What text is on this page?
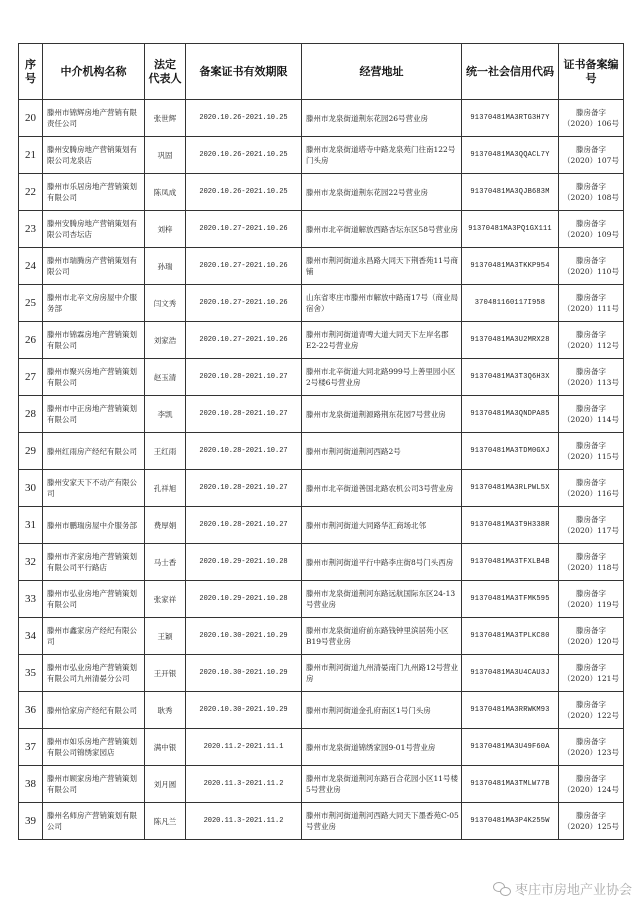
序
号	中介机构名称	法定
代表人	备案证书有效期限	经营地址	统一社会信用代码	证书备案编号
20	滕州市锦辉房地产营销有限责任公司	张世辉	2020.10.26-2021.10.25	滕州市龙泉街道荆东花园26号营业房	91370481MA3RTG3H7Y	滕房备字（2020）106号
21	滕州安腾房地产营销策划有限公司龙泉店	巩固	2020.10.26-2021.10.25	滕州市龙泉街道塔寺中路龙泉苑门往南122号门头房	91370481MA3QQACL7Y	滕房备字（2020）107号
22	滕州市乐居房地产营销策划有限公司	陈凤成	2020.10.26-2021.10.25	滕州市龙泉街道荆东花园22号营业房	91370481MA3QJB683M	滕房备字（2020）108号
23	滕州安腾房地产营销策划有限公司杏坛店	刘梓	2020.10.27-2021.10.26	滕州市北辛街道解放西路杏坛东区58号营业房	91370481MA3PQ1GX111	滕房备字（2020）109号
24	滕州市瑞腾房产营销策划有限公司	孙瑞	2020.10.27-2021.10.26	滕州市荆河街道永昌路大同天下荆香苑11号商铺	91370481MA3TKKP954	滕房备字（2020）110号
25	滕州市北辛文房房屋中介服务部	闫文秀	2020.10.27-2021.10.26	山东省枣庄市滕州市解放中路南17号（商业局宿舍）	370481160117I958	滕房备字（2020）111号
26	滕州市锦霖房地产营销策划有限公司	刘家浩	2020.10.27-2021.10.26	滕州市荆河街道青啤大道大同天下左岸名郡E2-22号营业房	91370481MA3U2MRX28	滕房备字（2020）112号
27	滕州市聚兴房地产营销策划有限公司	赵玉清	2020.10.28-2021.10.27	滕州市北辛街道大同北路999号上善里园小区2号楼6号营业房	91370481MA3T3Q6H3X	滕房备字（2020）113号
28	滕州市中正房地产营销策划有限公司	李凯	2020.10.28-2021.10.27	滕州市龙泉街道荆源路荆东花园7号营业房	91370481MA3QNDPA85	滕房备字（2020）114号
29	滕州红雨房产经纪有限公司	王红雨	2020.10.28-2021.10.27	滕州市荆河街道荆河西路2号	91370481MA3TDM0GXJ	滕房备字（2020）115号
30	滕州安家天下不动产有限公司	孔祥旭	2020.10.28-2021.10.27	滕州市北辛街道善国北路农机公司3号营业房	91370481MA3RLPWL5X	滕房备字（2020）116号
31	滕州市鹏瑞房屋中介服务部	费厚娟	2020.10.28-2021.10.27	滕州市荆河街道大同路华汇商场北邻	91370481MA3T9H338R	滕房备字（2020）117号
32	滕州市齐家房地产营销策划有限公司平行路店	马士香	2020.10.29-2021.10.28	滕州市荆河街道平行中路李庄街8号门头西房	91370481MA3TFXLB4B	滕房备字（2020）118号
33	滕州市弘业房地产营销策划有限公司	张家祥	2020.10.29-2021.10.28	滕州市龙泉街道荆河东路远航国际东区24-13号营业房	91370481MA3TFMK595	滕房备字（2020）119号
34	滕州市鑫家房产经纪有限公司	王颖	2020.10.30-2021.10.29	滕州市龙泉街道府前东路钱钟里滨居苑小区B19号营业房	91370481MA3TPLKC80	滕房备字（2020）120号
35	滕州市弘业房地产营销策划有限公司九州清晏分公司	王开银	2020.10.30-2021.10.29	滕州市荆河街道九州清晏南门九州路12号营业房	91370481MA3U4CAU3J	滕房备字（2020）121号
36	滕州恰家房产经纪有限公司	耿秀	2020.10.30-2021.10.29	滕州市荆河街道金孔府南区1号门头房	91370481MA3RRWKM93	滕房备字（2020）122号
37	滕州市如乐房地产营销策划有限公司锦绣家园店	满中银	2020.11.2-2021.11.1	滕州市龙泉街道锦绣家园9-01号营业房	91370481MA3U49F60A	滕房备字（2020）123号
38	滕州市顾家房地产营销策划有限公司	刘月圆	2020.11.3-2021.11.2	滕州市龙泉街道荆河东路百合花园小区11号楼5号营业房	91370481MA3TMLW77B	滕房备字（2020）124号
39	滕州名师房产营销策划有限公司	陈凡兰	2020.11.3-2021.11.2	滕州市荆河街道荆河西路大同天下墨香苑C-05号营业房	91370481MA3P4K255W	滕房备字（2020）125号
枣庄市房地产业协会
